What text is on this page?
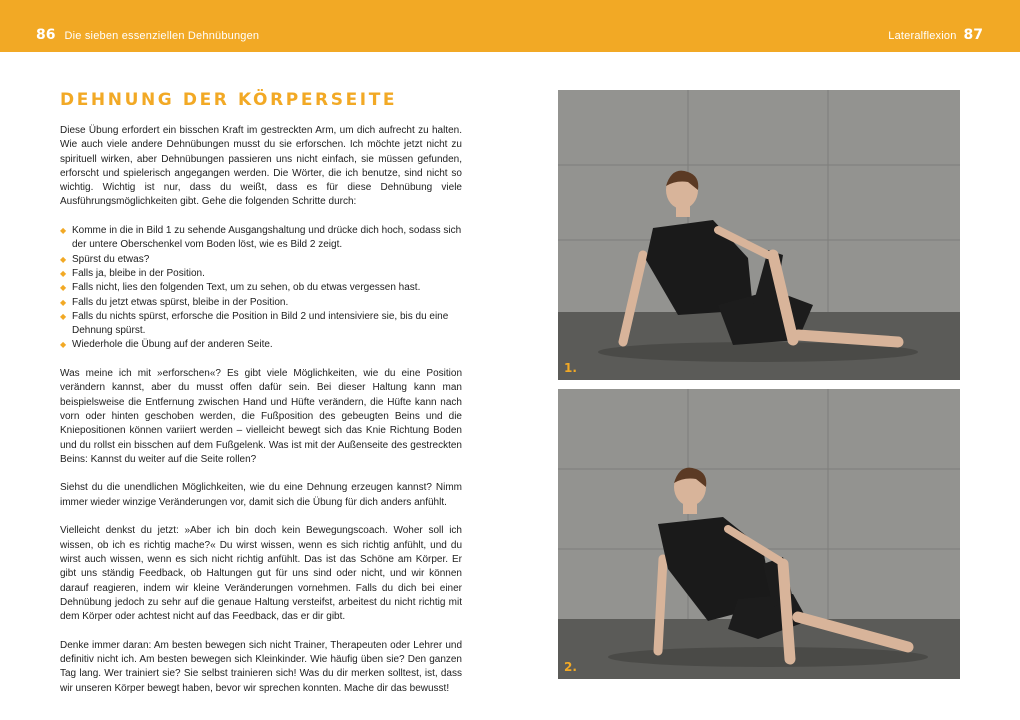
86 Die sieben essenziellen Dehnübungen	Lateralflexion 87
DEHNUNG DER KÖRPERSEITE

Diese Übung erfordert ein bisschen Kraft im gestreckten Arm, um dich aufrecht zu halten. Wie auch viele andere Dehnübungen musst du sie erforschen. Ich möchte jetzt nicht zu spirituell wirken, aber Dehnübungen passieren uns nicht einfach, sie müssen gefunden, erforscht und spielerisch angegangen werden. Die Wörter, die ich benutze, sind nicht so wichtig. Wichtig ist nur, dass du weißt, dass es für diese Dehnübung viele Ausführungsmöglichkeiten gibt. Gehe die folgenden Schritte durch:

◆ Komme in die in Bild 1 zu sehende Ausgangshaltung und drücke dich hoch, sodass sich der untere Oberschenkel vom Boden löst, wie es Bild 2 zeigt.
◆ Spürst du etwas?
◆ Falls ja, bleibe in der Position.
◆ Falls nicht, lies den folgenden Text, um zu sehen, ob du etwas vergessen hast.
◆ Falls du jetzt etwas spürst, bleibe in der Position.
◆ Falls du nichts spürst, erforsche die Position in Bild 2 und intensiviere sie, bis du eine Dehnung spürst.
◆ Wiederhole die Übung auf der anderen Seite.

Was meine ich mit »erforschen«? Es gibt viele Möglichkeiten, wie du eine Position verändern kannst, aber du musst offen dafür sein. Bei dieser Haltung kann man beispielsweise die Entfernung zwischen Hand und Hüfte verändern, die Hüfte kann nach vorn oder hinten geschoben werden, die Fußposition des gebeugten Beins und die Kniepositionen können variiert werden – vielleicht bewegt sich das Knie Richtung Boden und du rollst ein bisschen auf dem Fußgelenk. Was ist mit der Außenseite des gestreckten Beins: Kannst du weiter auf die Seite rollen?

Siehst du die unendlichen Möglichkeiten, wie du eine Dehnung erzeugen kannst? Nimm immer wieder winzige Veränderungen vor, damit sich die Übung für dich anders anfühlt.

Vielleicht denkst du jetzt: »Aber ich bin doch kein Bewegungscoach. Woher soll ich wissen, ob ich es richtig mache?« Du wirst wissen, wenn es sich richtig anfühlt, und du wirst auch wissen, wenn es sich nicht richtig anfühlt. Das ist das Schöne am Körper. Er gibt uns ständig Feedback, ob Haltungen gut für uns sind oder nicht, und wir können darauf reagieren, indem wir kleine Veränderungen vornehmen. Falls du dich bei einer Dehnübung jedoch zu sehr auf die genaue Haltung versteifst, arbeitest du nicht richtig mit dem Körper oder achtest nicht auf das Feedback, das er dir gibt.

Denke immer daran: Am besten bewegen sich nicht Trainer, Therapeuten oder Lehrer und definitiv nicht ich. Am besten bewegen sich Kleinkinder. Wie häufig üben sie? Den ganzen Tag lang. Wer trainiert sie? Sie selbst trainieren sich! Was du dir merken solltest, ist, dass wir unseren Körper bewegt haben, bevor wir sprechen konnten. Mache dir das bewusst!

1.
2.
